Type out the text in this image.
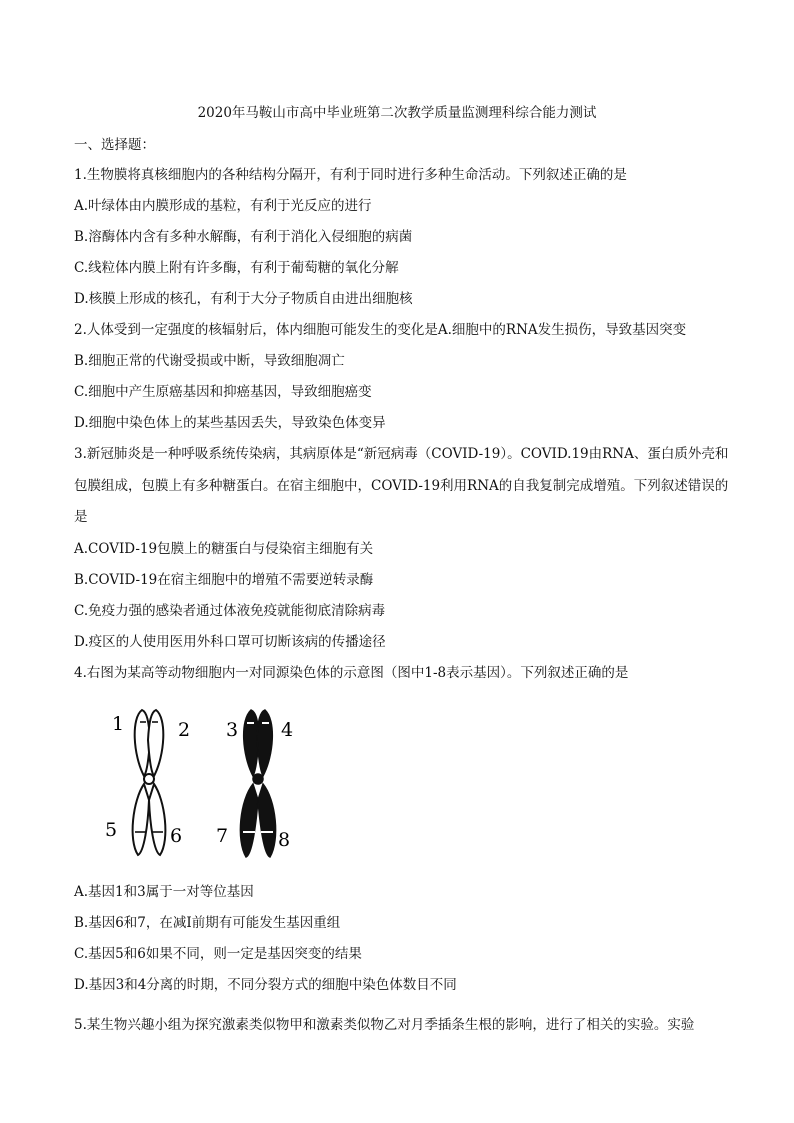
2020年马鞍山市高中毕业班第二次教学质量监测理科综合能力测试
一、选择题：
1.生物膜将真核细胞内的各种结构分隔开，有利于同时进行多种生命活动。下列叙述正确的是
A.叶绿体由内膜形成的基粒，有利于光反应的进行
B.溶酶体内含有多种水解酶，有利于消化入侵细胞的病菌
C.线粒体内膜上附有许多酶，有利于葡萄糖的氧化分解
D.核膜上形成的核孔，有利于大分子物质自由进出细胞核
2.人体受到一定强度的核辐射后，体内细胞可能发生的变化是A.细胞中的RNA发生损伤，导致基因突变
B.细胞正常的代谢受损或中断，导致细胞凋亡
C.细胞中产生原癌基因和抑癌基因，导致细胞癌变
D.细胞中染色体上的某些基因丢失，导致染色体变异
3.新冠肺炎是一种呼吸系统传染病，其病原体是“新冠病毒（COVID-19）。COVID.19由RNA、蛋白质外壳和
包膜组成，包膜上有多种糖蛋白。在宿主细胞中，COVID-19利用RNA的自我复制完成增殖。下列叙述错误的
是
A.COVID-19包膜上的糖蛋白与侵染宿主细胞有关
B.COVID-19在宿主细胞中的增殖不需要逆转录酶
C.免疫力强的感染者通过体液免疫就能彻底清除病毒
D.疫区的人使用医用外科口罩可切断该病的传播途径
4.右图为某高等动物细胞内一对同源染色体的示意图（图中1-8表示基因）。下列叙述正确的是
1	2 3 4
5	6 7	8
A.基因1和3属于一对等位基因
B.基因6和7，在减I前期有可能发生基因重组
C.基因5和6如果不同，则一定是基因突变的结果
D.基因3和4分离的时期，不同分裂方式的细胞中染色体数目不同
5.某生物兴趣小组为探究激素类似物甲和激素类似物乙对月季插条生根的影响，进行了相关的实验。实验
